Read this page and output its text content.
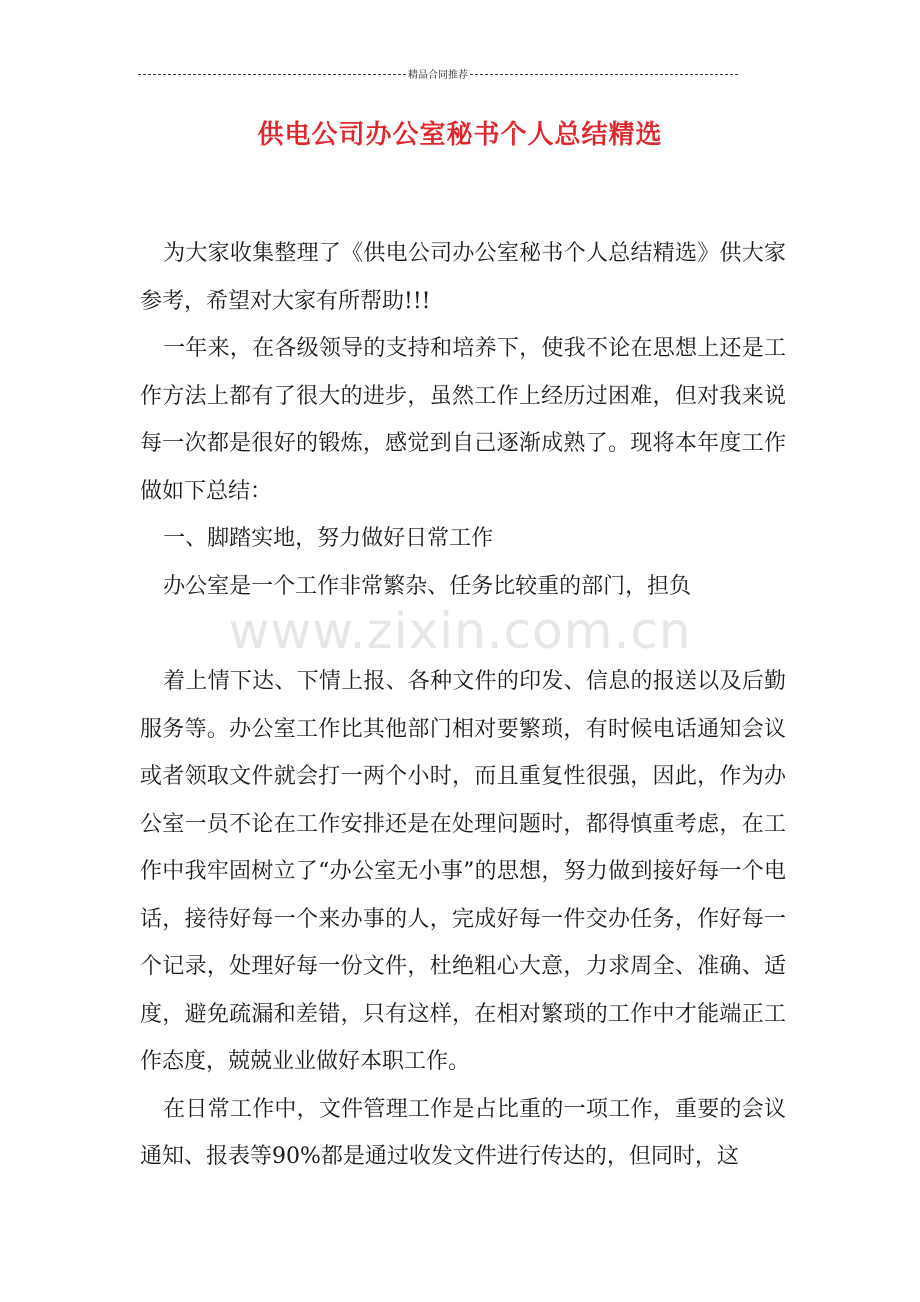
精品合同推荐
供电公司办公室秘书个人总结精选

为大家收集整理了《供电公司办公室秘书个人总结精选》供大家参考，希望对大家有所帮助!!!

一年来，在各级领导的支持和培养下，使我不论在思想上还是工作方法上都有了很大的进步，虽然工作上经历过困难，但对我来说每一次都是很好的锻炼，感觉到自己逐渐成熟了。现将本年度工作做如下总结：

一、脚踏实地，努力做好日常工作

办公室是一个工作非常繁杂、任务比较重的部门，担负

www.zixin.com.cn

着上情下达、下情上报、各种文件的印发、信息的报送以及后勤服务等。办公室工作比其他部门相对要繁琐，有时候电话通知会议或者领取文件就会打一两个小时，而且重复性很强，因此，作为办公室一员不论在工作安排还是在处理问题时，都得慎重考虑，在工作中我牢固树立了“办公室无小事”的思想，努力做到接好每一个电话，接待好每一个来办事的人，完成好每一件交办任务，作好每一个记录，处理好每一份文件，杜绝粗心大意，力求周全、准确、适度，避免疏漏和差错，只有这样，在相对繁琐的工作中才能端正工作态度，兢兢业业做好本职工作。

在日常工作中，文件管理工作是占比重的一项工作，重要的会议通知、报表等90%都是通过收发文件进行传达的，但同时，这
